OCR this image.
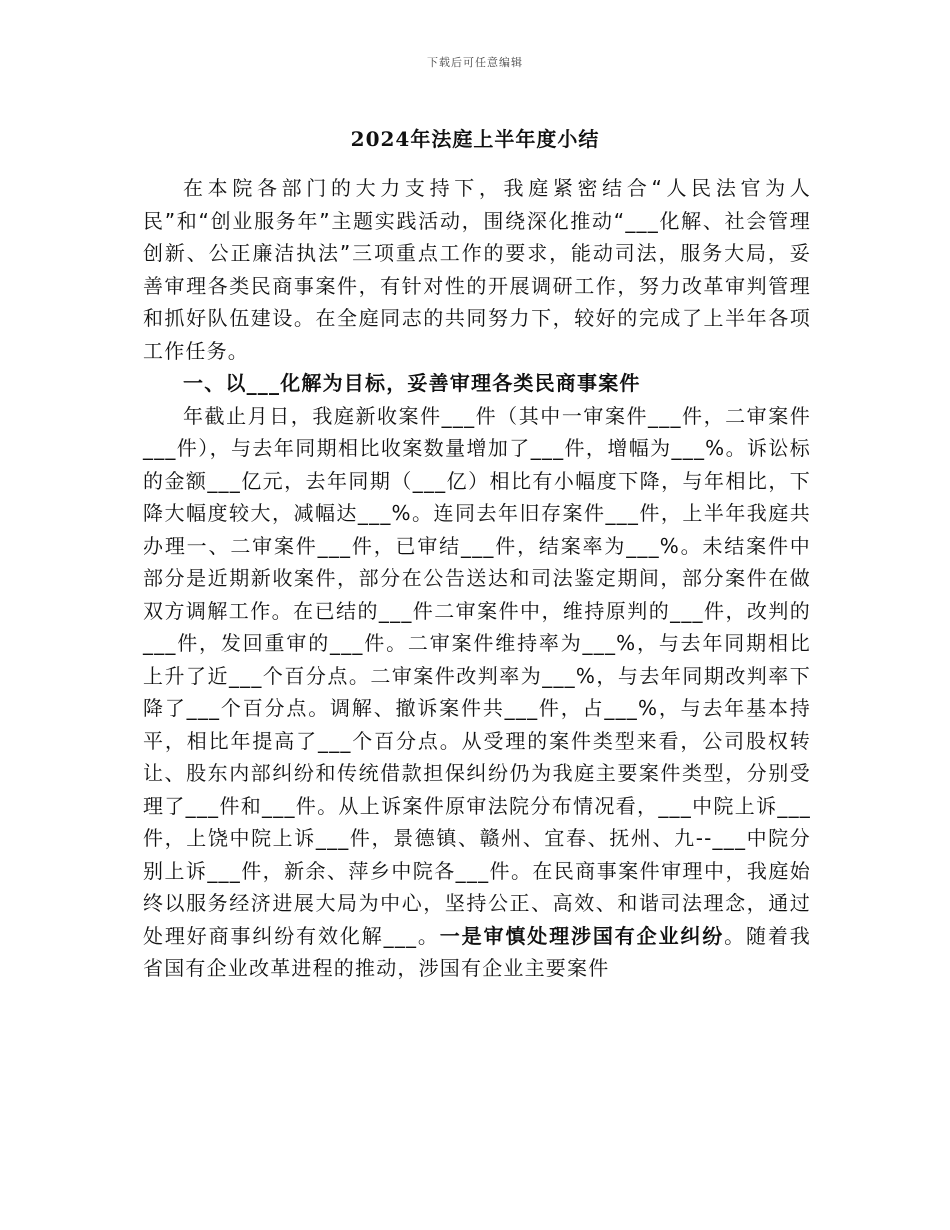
下载后可任意编辑
2024年法庭上半年度小结

在本院各部门的大力支持下，我庭紧密结合“人民法官为人民”和“创业服务年”主题实践活动，围绕深化推动“___化解、社会管理创新、公正廉洁执法”三项重点工作的要求，能动司法，服务大局，妥善审理各类民商事案件，有针对性的开展调研工作，努力改革审判管理和抓好队伍建设。在全庭同志的共同努力下，较好的完成了上半年各项工作任务。

一、以___化解为目标，妥善审理各类民商事案件

年截止月日，我庭新收案件___件（其中一审案件___件，二审案件___件），与去年同期相比收案数量增加了___件，增幅为___%。诉讼标的金额___亿元，去年同期（___亿）相比有小幅度下降，与年相比，下降大幅度较大，减幅达___%。连同去年旧存案件___件，上半年我庭共办理一、二审案件___件，已审结___件，结案率为___%。未结案件中部分是近期新收案件，部分在公告送达和司法鉴定期间，部分案件在做双方调解工作。在已结的___件二审案件中，维持原判的___件，改判的___件，发回重审的___件。二审案件维持率为___%，与去年同期相比上升了近___个百分点。二审案件改判率为___%，与去年同期改判率下降了___个百分点。调解、撤诉案件共___件，占___%，与去年基本持平，相比年提高了___个百分点。从受理的案件类型来看，公司股权转让、股东内部纠纷和传统借款担保纠纷仍为我庭主要案件类型，分别受理了___件和___件。从上诉案件原审法院分布情况看，___中院上诉___件，上饶中院上诉___件，景德镇、赣州、宜春、抚州、九--___中院分别上诉___件，新余、萍乡中院各___件。在民商事案件审理中，我庭始终以服务经济进展大局为中心，坚持公正、高效、和谐司法理念，通过处理好商事纠纷有效化解___。一是审慎处理涉国有企业纠纷。随着我省国有企业改革进程的推动，涉国有企业主要案件
